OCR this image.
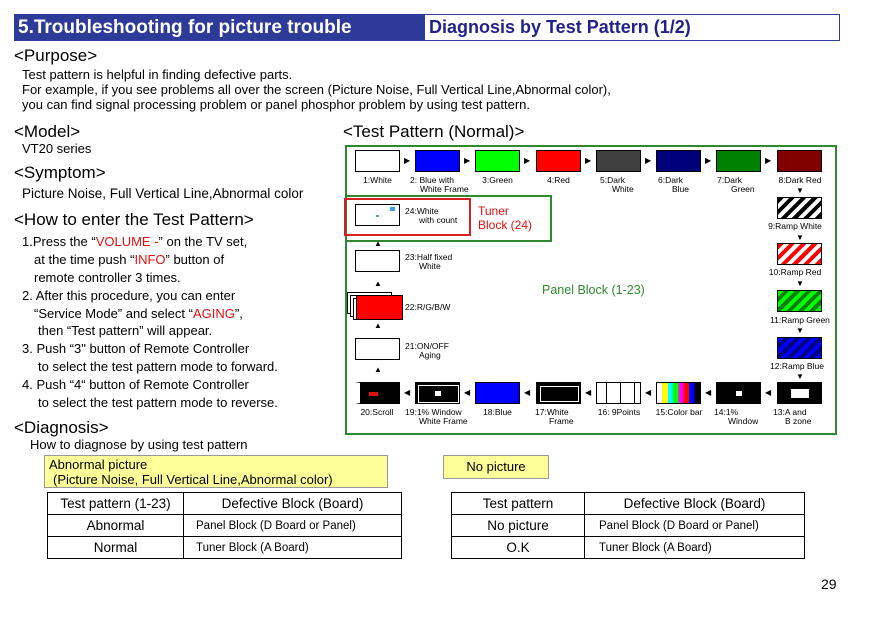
5.Troubleshooting for picture trouble	Diagnosis by Test Pattern (1/2)
<Purpose>
Test pattern is helpful in finding defective parts.
For example, if you see problems all over the screen (Picture Noise, Full Vertical Line,Abnormal color),
you can find signal processing problem or panel phosphor problem by using test pattern.
<Model>
VT20 series
<Symptom>
Picture Noise, Full Vertical Line,Abnormal color
<How to enter the Test Pattern>
1.Press the “VOLUME -” on the TV set,
at the time push “INFO” button of
remote controller 3 times.
2. After this procedure, you can enter
“Service Mode” and select “AGING”,
then “Test pattern” will appear.
3. Push “3" button of Remote Controller
to select the test pattern mode to forward.
4. Push “4“ button of Remote Controller
to select the test pattern mode to reverse.
<Diagnosis>
How to diagnose by using test pattern
<Test Pattern (Normal)>
Tuner
Block (24)
Panel Block (1-23)
1:White
▶
2: Blue with
White Frame
▶
3:Green
▶
4:Red
▶
5:Dark
White
▶
6:Dark
Blue
▶
7:Dark
Green
▶
8:Dark Red
▼
9:Ramp White
▼
10:Ramp Red
▼
11:Ramp Green
▼
12:Ramp Blue
▼
13:A and
B zone
◀
14:1%
Window
◀
15:Color bar
◀
16: 9Points
◀
17:White
Frame
◀
18:Blue
◀
19:1% Window
White Frame
◀
20:Scroll
▲
21:ON/OFF
Aging
▲
22:R/G/B/W
▲
23:Half fixed
White
▲
24:White
with count
Abnormal picture
(Picture Noise, Full Vertical Line,Abnormal color)
No picture
Test pattern (1-23)	Defective Block (Board)
Abnormal	Panel Block (D Board or Panel)
Normal	Tuner Block (A Board)
Test pattern	Defective Block (Board)
No picture	Panel Block (D Board or Panel)
O.K	Tuner Block (A Board)
29
